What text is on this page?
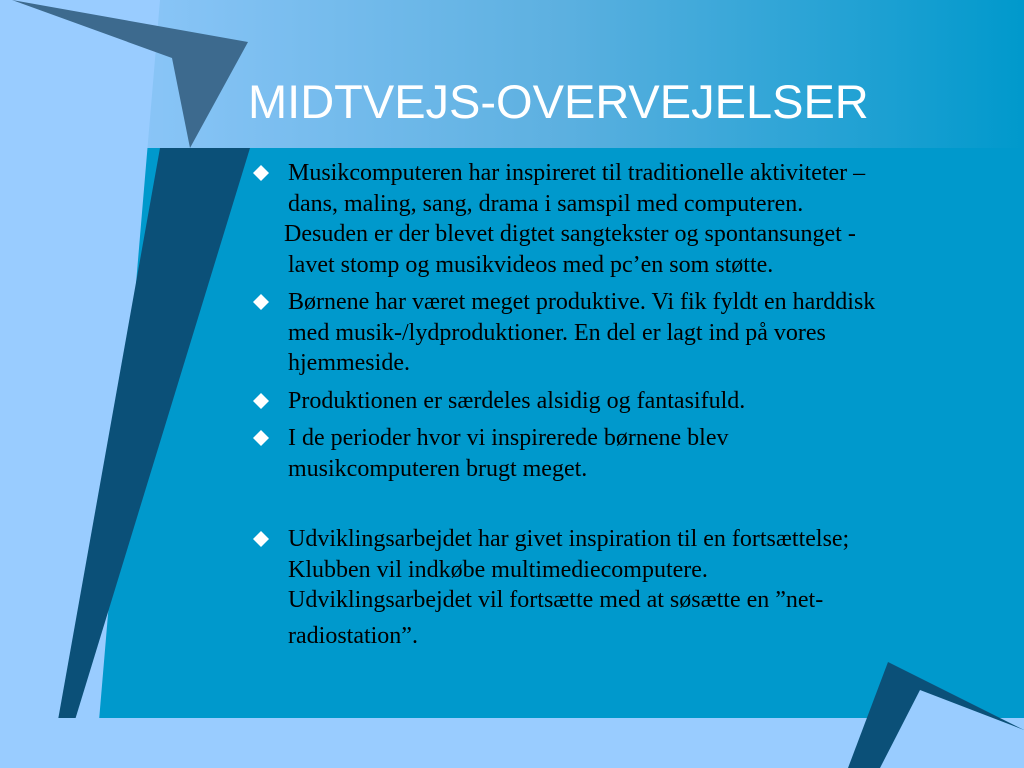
MIDTVEJS-OVERVEJELSER
Musikcomputeren har inspireret til traditionelle aktiviteter –
dans, maling, sang, drama i samspil med computeren.
Desuden er der blevet digtet sangtekster og spontansunget -
lavet stomp og musikvideos med pc’en som støtte.
Børnene har været meget produktive. Vi fik fyldt en harddisk
med musik-/lydproduktioner. En del er lagt ind på vores
hjemmeside.
Produktionen er særdeles alsidig og fantasifuld.
I de perioder hvor vi inspirerede børnene blev
musikcomputeren brugt meget.
Udviklingsarbejdet har givet inspiration til en fortsættelse;
Klubben vil indkøbe multimediecomputere.
Udviklingsarbejdet vil fortsætte med at søsætte en ”net-
radiostation”.
